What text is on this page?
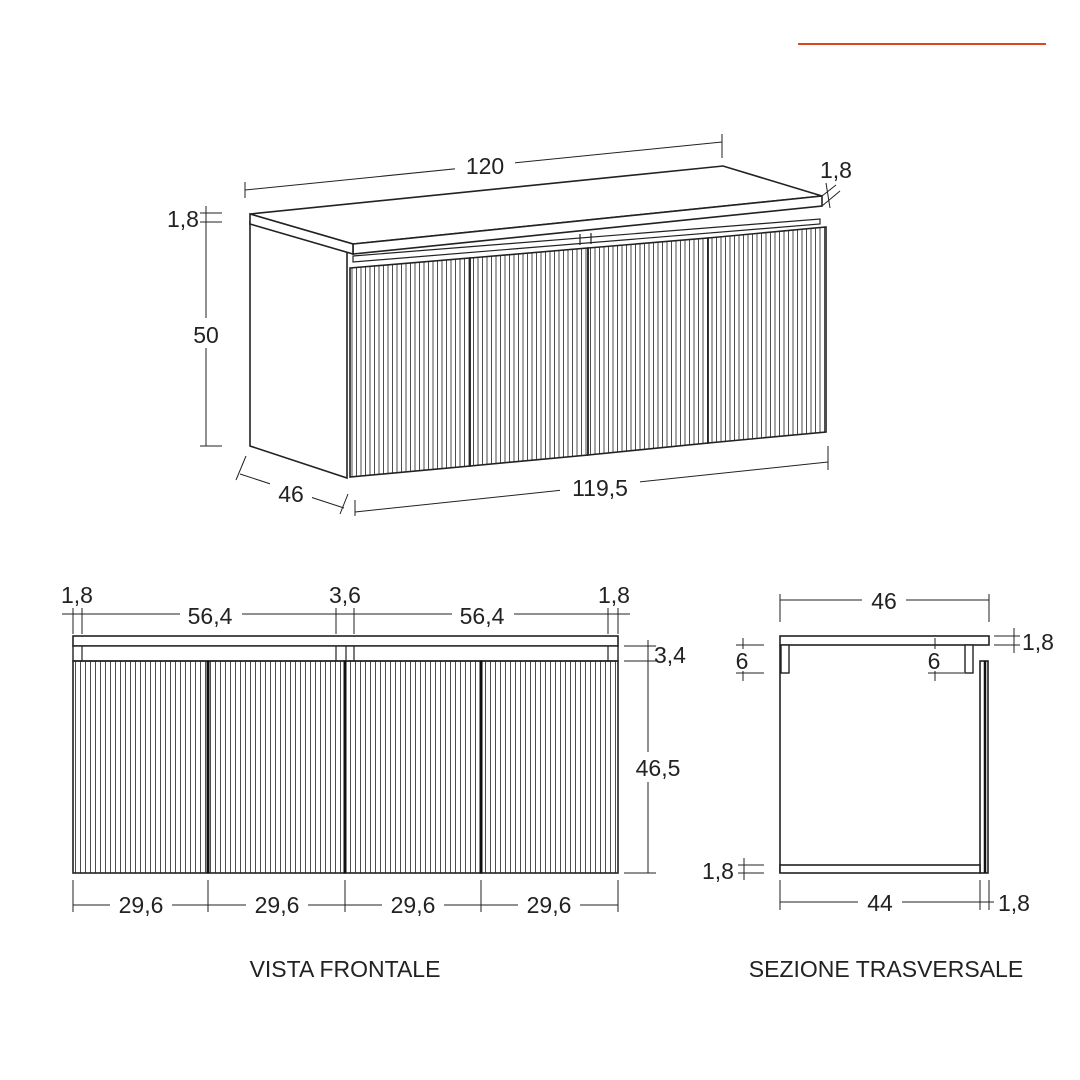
120
1,8
50
1,8
46	119,5
1,8
56,4
3,6
56,4
1,8
3,4
46,5
29,6	29,6	29,6	29,6
VISTA FRONTALE
46
1,8
6	6
1,8
44	1,8
SEZIONE TRASVERSALE
